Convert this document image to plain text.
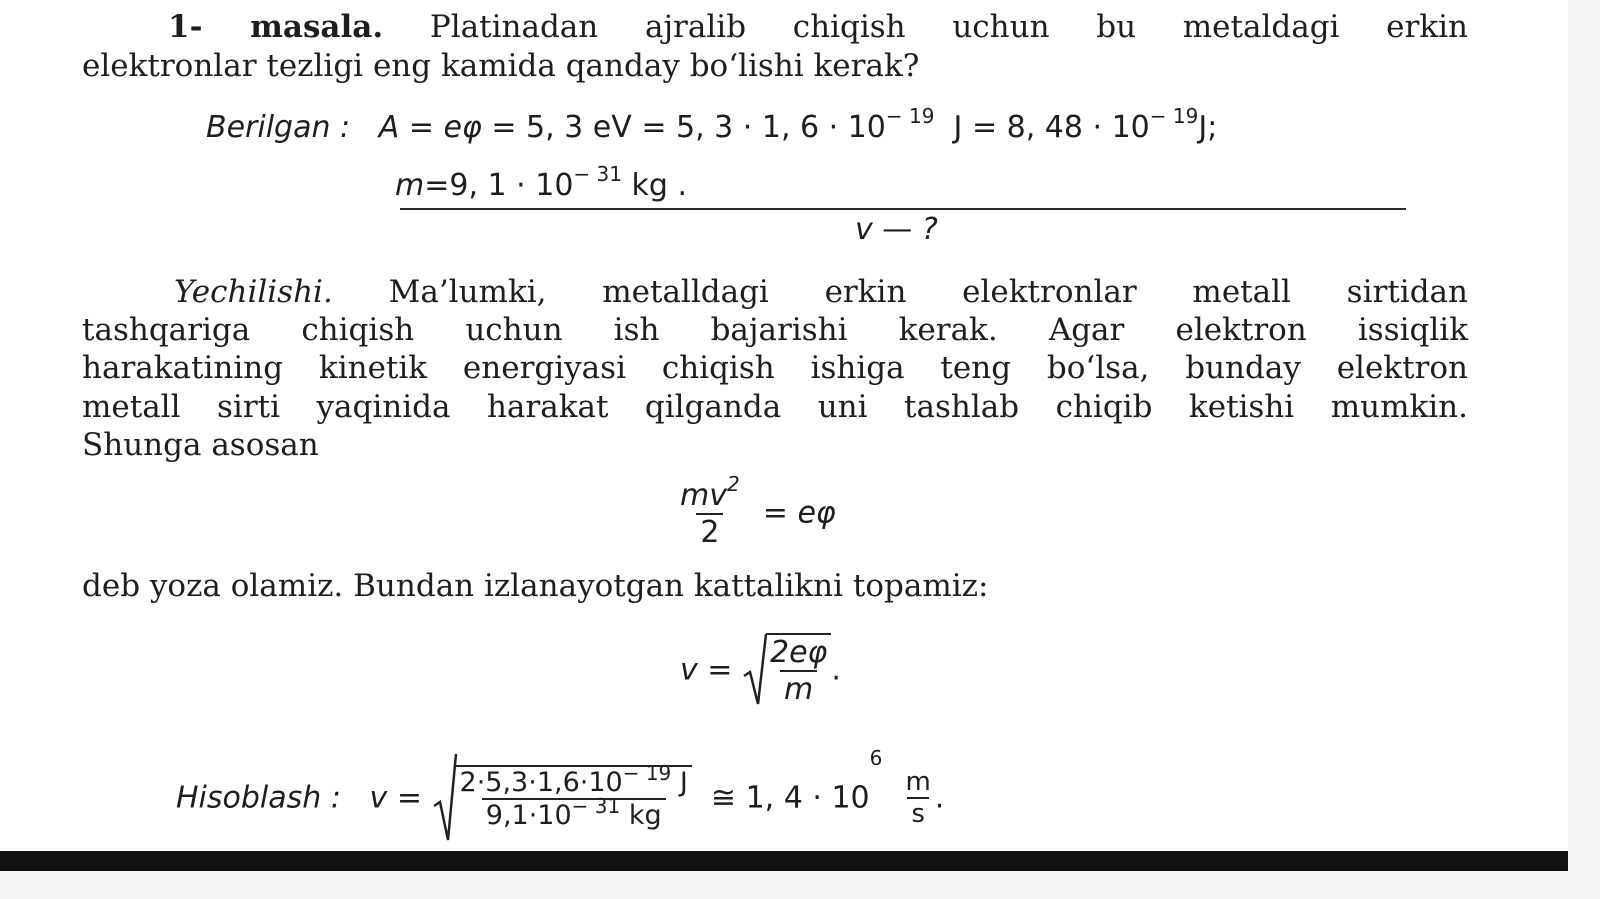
1- masala. Platinadan ajralib chiqish uchun bu metaldagi erkin

elektronlar tezligi eng kamida qanday bo‘lishi kerak?

Berilgan : A = eφ = 5, 3 eV = 5, 3 · 1, $6 \cdot 10^{- 19}$ J = 8, $48 \cdot 10^{- 19}J$;
m=9, $1 \cdot 10^{- 31}$ kg .
v — ?

Yechilishi. Ma’lumki, metalldagi erkin elektronlar metall sirtidan

tashqariga chiqish uchun ish bajarishi kerak. Agar elektron issiqlik

harakatining kinetik energiyasi chiqish ishiga teng bo‘lsa, bunday elektron

metall sirti yaqinida harakat qilganda uni tashlab chiqib ketishi mumkin.

Shunga asosan

$\frac{mv^2}{2} = e\varphi$

deb yoza olamiz. Bundan izlanayotgan kattalikni topamiz:

$v = \frac{2e\varphi}{m}$ .
Hisoblash : $v = \frac{2\cdot 5,3\cdot 1,6\cdot 10^{- 19} J}{9,1\cdot 10^{- 31} kg}$ ≅ 1, $4 \cdot 10^6$
$\frac{m}{s}$ .
